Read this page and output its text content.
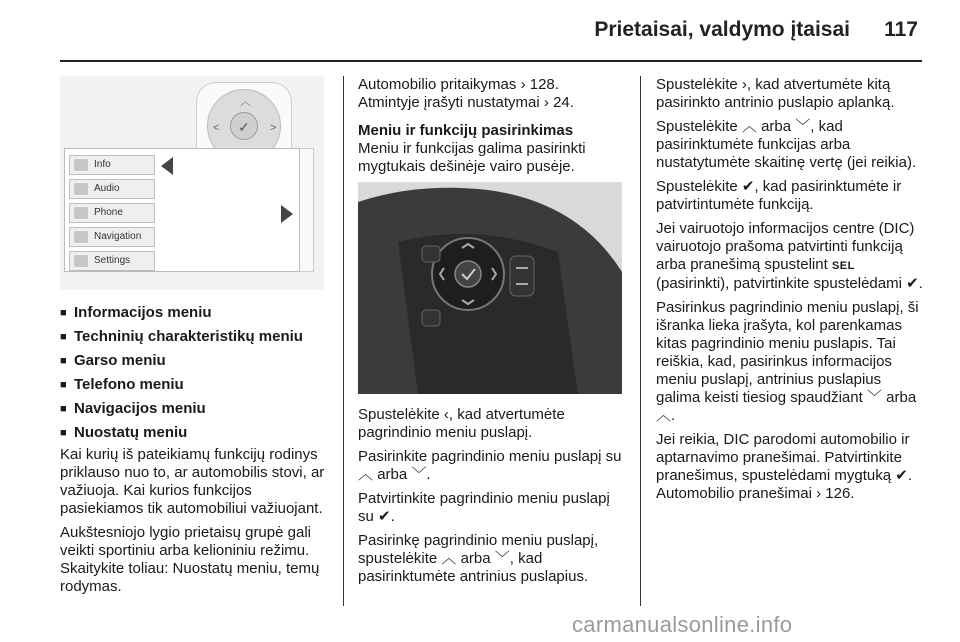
Prietaisai, valdymo įtaisai 117
︿
<	>
✓
Info
Audio
Phone
Navigation
Settings
■ Informacijos meniu
■ Techninių charakteristikų meniu
■ Garso meniu
■ Telefono meniu
■ Navigacijos meniu
■ Nuostatų meniu

Kai kurių iš pateikiamų funkcijų rodinys priklauso nuo to, ar automobilis stovi, ar važiuoja. Kai kurios funkcijos pasiekiamos tik automobiliui važiuojant.

Aukštesniojo lygio prietaisų grupė gali veikti sportiniu arba kelioniniu režimu. Skaitykite toliau: Nuostatų meniu, temų rodymas.

Automobilio pritaikymas › 128.

Atmintyje įrašyti nustatymai › 24.

Meniu ir funkcijų pasirinkimas

Meniu ir funkcijas galima pasirinkti mygtukais dešinėje vairo pusėje.

Spustelėkite ‹, kad atvertumėte pagrindinio meniu puslapį.

Pasirinkite pagrindinio meniu puslapį su ︿ arba ﹀.

Patvirtinkite pagrindinio meniu puslapį su ✔.

Pasirinkę pagrindinio meniu puslapį, spustelėkite ︿ arba ﹀, kad pasirinktumėte antrinius puslapius.

Spustelėkite ›, kad atvertumėte kitą pasirinkto antrinio puslapio aplanką.

Spustelėkite ︿ arba ﹀, kad pasirinktumėte funkcijas arba nustatytumėte skaitinę vertę (jei reikia).

Spustelėkite ✔, kad pasirinktumėte ir patvirtintumėte funkciją.

Jei vairuotojo informacijos centre (DIC) vairuotojo prašoma patvirtinti funkciją arba pranešimą spustelint SEL (pasirinkti), patvirtinkite spustelėdami ✔.

Pasirinkus pagrindinio meniu puslapį, ši išranka lieka įrašyta, kol parenkamas kitas pagrindinio meniu puslapis. Tai reiškia, kad, pasirinkus informacijos meniu puslapį, antrinius puslapius galima keisti tiesiog spaudžiant ﹀ arba ︿.

Jei reikia, DIC parodomi automobilio ir aptarnavimo pranešimai. Patvirtinkite pranešimus, spustelėdami mygtuką ✔.

Automobilio pranešimai › 126.

carmanualsonline.info
